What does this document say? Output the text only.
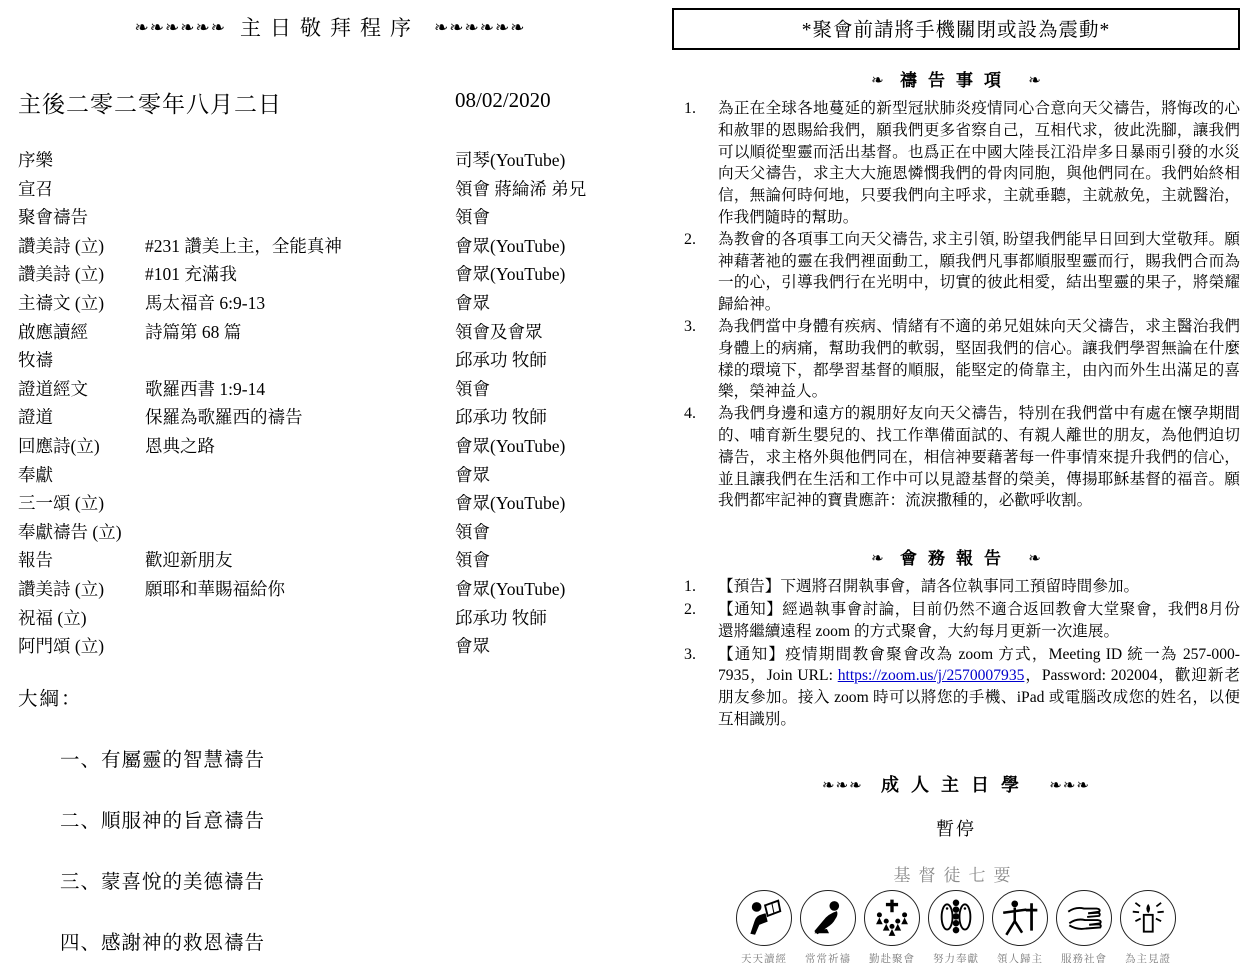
❧❧❧❧❧❧ 主日敬拜程序 ❧❧❧❧❧❧
主後二零二零年八月二日	08/02/2020
序樂	司琴(YouTube)
宣召	領會 蔣綸浠 弟兄
聚會禱告	領會
讚美詩 (立)	#231 讚美上主，全能真神	會眾(YouTube)
讚美詩 (立)	#101 充滿我	會眾(YouTube)
主禱文 (立)	馬太福音 6:9-13	會眾
啟應讀經	詩篇第 68 篇	領會及會眾
牧禱	邱承功 牧師
證道經文	歌羅西書 1:9-14	領會
證道	保羅為歌羅西的禱告	邱承功 牧師
回應詩(立)	恩典之路	會眾(YouTube)
奉獻	會眾
三一頌 (立)	會眾(YouTube)
奉獻禱告 (立)	領會
報告	歡迎新朋友	領會
讚美詩 (立)	願耶和華賜福給你	會眾(YouTube)
祝福 (立)	邱承功 牧師
阿門頌 (立)	會眾
大綱：
一、有屬靈的智慧禱告
二、順服神的旨意禱告
三、蒙喜悅的美德禱告
四、感謝神的救恩禱告
*聚會前請將手機關閉或設為震動*
❧ 禱告事項 ❧
1.	為正在全球各地蔓延的新型冠狀肺炎疫情同心合意向天父禱告，將悔改的心和赦罪的恩賜給我們，願我們更多省察自己，互相代求，彼此洗腳，讓我們可以順從聖靈而活出基督。也爲正在中國大陸長江沿岸多日暴雨引發的水災向天父禱告，求主大大施恩憐憫我們的骨肉同胞，與他們同在。我們始終相信，無論何時何地，只要我們向主呼求，主就垂聽，主就赦免，主就醫治，作我們隨時的幫助。
2.	為教會的各項事工向天父禱告, 求主引領, 盼望我們能早日回到大堂敬拜。願神藉著祂的靈在我們裡面動工，願我們凡事都順服聖靈而行，賜我們合而為一的心，引導我們行在光明中，切實的彼此相愛，結出聖靈的果子，將榮耀歸給神。
3.	為我們當中身體有疾病、情緒有不適的弟兄姐妹向天父禱告，求主醫治我們身體上的病痛，幫助我們的軟弱，堅固我們的信心。讓我們學習無論在什麼樣的環境下，都學習基督的順服，能堅定的倚靠主，由內而外生出滿足的喜樂，榮神益人。
4.	為我們身邊和遠方的親朋好友向天父禱告，特別在我們當中有處在懷孕期間的、哺育新生嬰兒的、找工作準備面試的、有親人離世的朋友，為他們迫切禱告，求主格外與他們同在，相信神要藉著每一件事情來提升我們的信心，並且讓我們在生活和工作中可以見證基督的榮美，傳揚耶穌基督的福音。願我們都牢記神的寶貴應許：流淚撒種的，必歡呼收割。
❧ 會務報告 ❧
1.	【預告】下週將召開執事會，請各位執事同工預留時間參加。
2.	【通知】經過執事會討論，目前仍然不適合返回教會大堂聚會，我們8月份還將繼續遠程 zoom 的方式聚會，大約每月更新一次進展。
3.	【通知】疫情期間教會聚會改為 zoom 方式，Meeting ID 統一為 257-000-7935，Join URL: https://zoom.us/j/2570007935，Password: 202004，歡迎新老朋友參加。接入 zoom 時可以將您的手機、iPad 或電腦改成您的姓名，以便互相識別。
❧❧❧ 成人主日學 ❧❧❧
暫停
基督徒七要
天天讀經	常常祈禱	勤赴聚會	努力奉獻	領人歸主	服務社會	為主見證
